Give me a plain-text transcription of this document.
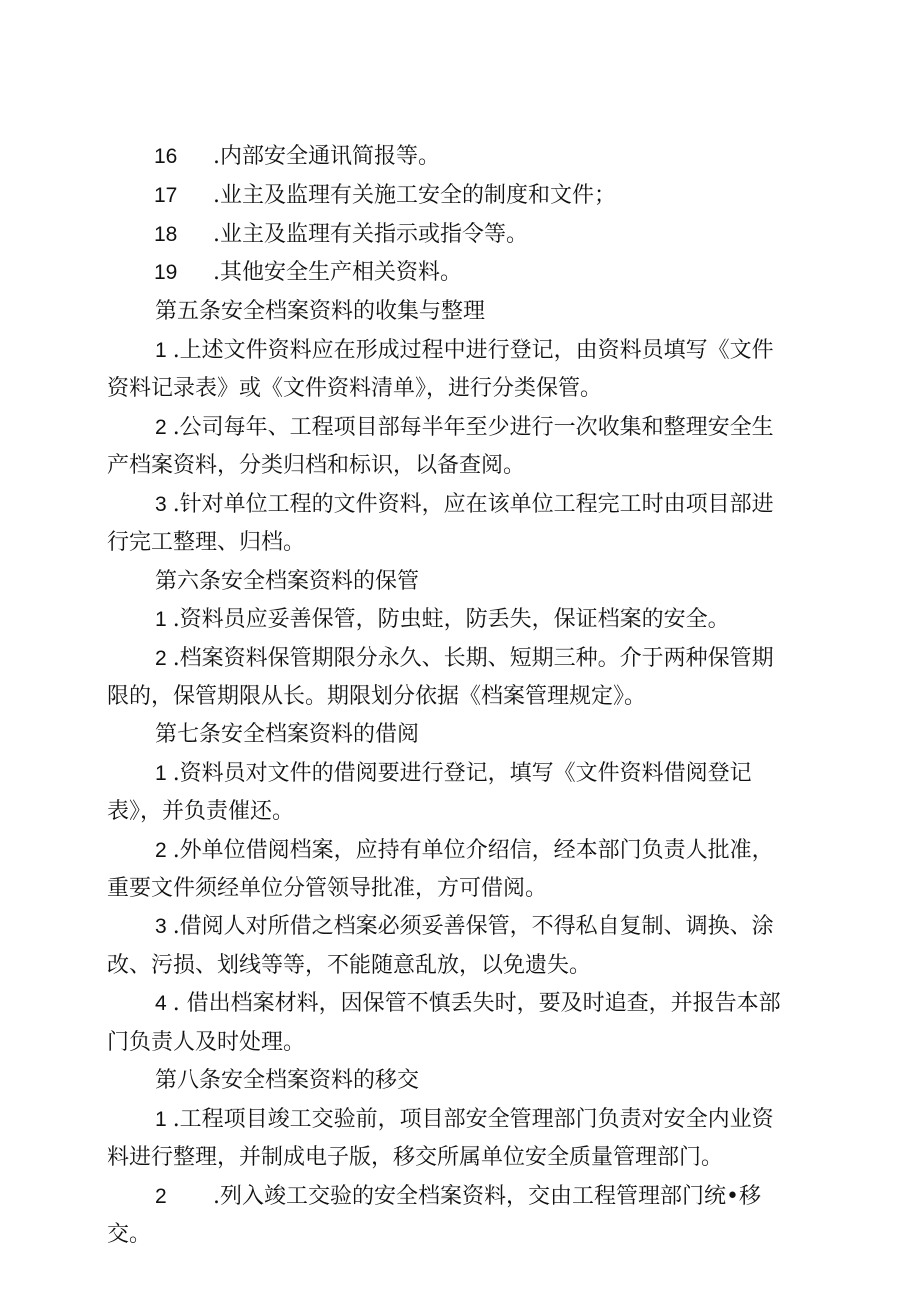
16 .内部安全通讯简报等。
17 .业主及监理有关施工安全的制度和文件；
18 .业主及监理有关指示或指令等。
19 .其他安全生产相关资料。
第五条安全档案资料的收集与整理
1 .上述文件资料应在形成过程中进行登记，由资料员填写《文件
资料记录表》或《文件资料清单》，进行分类保管。
2 .公司每年、工程项目部每半年至少进行一次收集和整理安全生
产档案资料，分类归档和标识，以备查阅。
3 .针对单位工程的文件资料，应在该单位工程完工时由项目部进
行完工整理、归档。
第六条安全档案资料的保管
1 .资料员应妥善保管，防虫蛀，防丢失，保证档案的安全。
2 .档案资料保管期限分永久、长期、短期三种。介于两种保管期
限的，保管期限从长。期限划分依据《档案管理规定》。
第七条安全档案资料的借阅
1 .资料员对文件的借阅要进行登记，填写《文件资料借阅登记
表》，并负责催还。
2 .外单位借阅档案，应持有单位介绍信，经本部门负责人批准，
重要文件须经单位分管领导批准，方可借阅。
3 .借阅人对所借之档案必须妥善保管，不得私自复制、调换、涂
改、污损、划线等等，不能随意乱放，以免遗失。
4 . 借出档案材料，因保管不慎丢失时，要及时追查，并报告本部
门负责人及时处理。
第八条安全档案资料的移交
1 .工程项目竣工交验前，项目部安全管理部门负责对安全内业资
料进行整理，并制成电子版，移交所属单位安全质量管理部门。
2 .列入竣工交验的安全档案资料，交由工程管理部门统•移
交。
